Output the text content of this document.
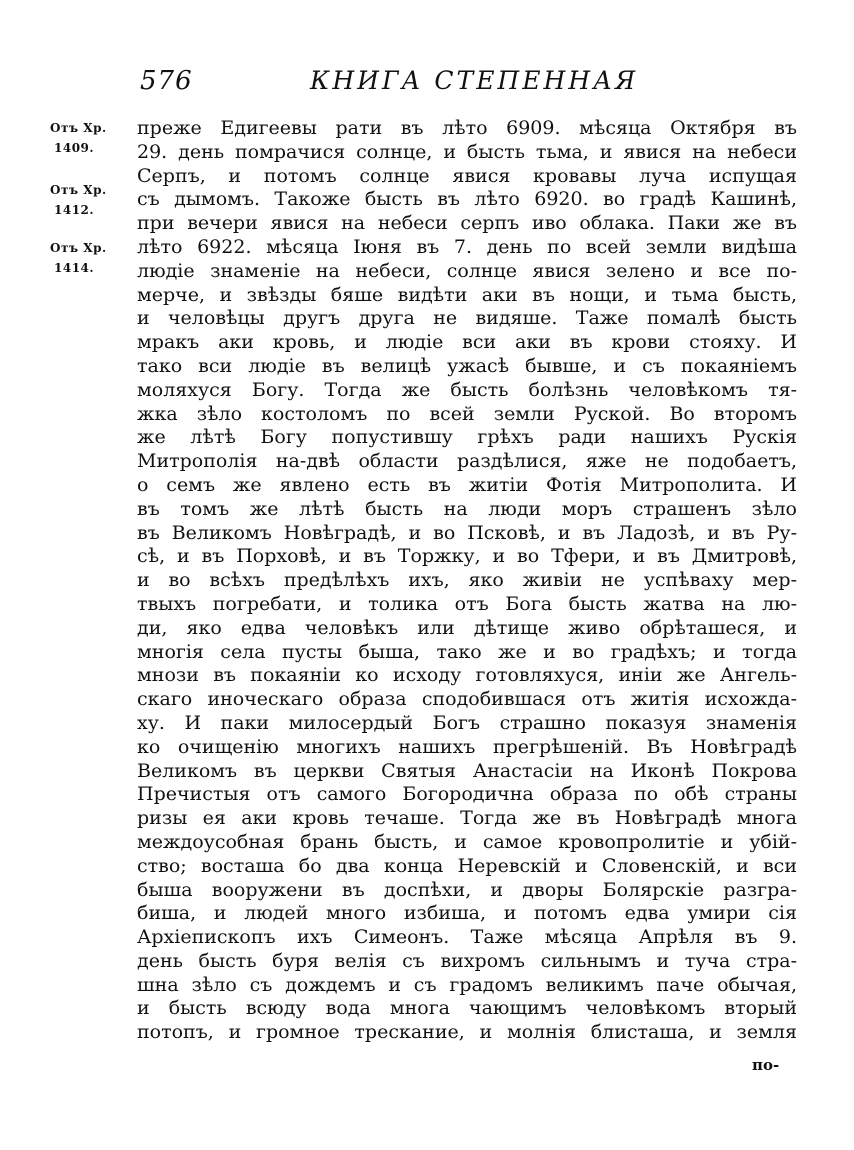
576	КНИГА СТЕПЕННАЯ
Отъ Хр.
1409.
Отъ Хр.
1412.
Отъ Хр.
1414.
преже Едигеевы рати въ лѣто 6909. мѣсяца Октября въ
29. день помрачися солнце, и бысть тьма, и явися на небеси
Серпъ, и потомъ солнце явися кровавы луча испущая
съ дымомъ. Такоже бысть въ лѣто 6920. во градѣ Кашинѣ,
при вечери явися на небеси серпъ иво облака. Паки же въ
лѣто 6922. мѣсяца Іюня въ 7. день по всей земли видѣша
людіе знаменіе на небеси, солнце явися зелено и все по-
мерче, и звѣзды бяше видѣти аки въ нощи, и тьма бысть,
и человѣцы другъ друга не видяше. Таже помалѣ бысть
мракъ аки кровь, и людіе вси аки въ крови стояху. И
тако вси людіе въ велицѣ ужасѣ бывше, и съ покаяніемъ
моляхуся Богу. Тогда же бысть болѣзнь человѣкомъ тя-
жка зѣло костоломъ по всей земли Руской. Во второмъ
же лѣтѣ Богу попустившу грѣхъ ради нашихъ Рускія
Митрополія на-двѣ области раздѣлися, яже не подобаетъ,
о семъ же явлено есть въ житіи Фотія Митрополита. И
въ томъ же лѣтѣ бысть на люди моръ страшенъ зѣло
въ Великомъ Новѣградѣ, и во Псковѣ, и въ Ладозѣ, и въ Ру-
сѣ, и въ Порховѣ, и въ Торжку, и во Тфери, и въ Дмитровѣ,
и во всѣхъ предѣлѣхъ ихъ, яко живіи не успѣваху мер-
твыхъ погребати, и толика отъ Бога бысть жатва на лю-
ди, яко едва человѣкъ или дѣтище живо обрѣташеся, и
многія села пусты быша, тако же и во градѣхъ; и тогда
мнози въ покаяніи ко исходу готовляхуся, иніи же Ангель-
скаго иноческаго образа сподобившася отъ житія исхожда-
ху. И паки милосердый Богъ страшно показуя знаменія
ко очищенію многихъ нашихъ прегрѣшеній. Въ Новѣградѣ
Великомъ въ церкви Святыя Анастасіи на Иконѣ Покрова
Пречистыя отъ самого Богородична образа по обѣ страны
ризы ея аки кровь течаше. Тогда же въ Новѣградѣ многа
междоусобная брань бысть, и самое кровопролитіе и убій-
ство; восташа бо два конца Неревскій и Словенскій, и вси
быша вооружени въ доспѣхи, и дворы Болярскіе разгра-
биша, и людей много избиша, и потомъ едва умири сія
Архіепископъ ихъ Симеонъ. Таже мѣсяца Апрѣля въ 9.
день бысть буря велія съ вихромъ сильнымъ и туча стра-
шна зѣло съ дождемъ и съ градомъ великимъ паче обычая,
и бысть всюду вода многа чающимъ человѣкомъ вторый
потопъ, и громное трескание, и молнія блисташа, и земля
по-
